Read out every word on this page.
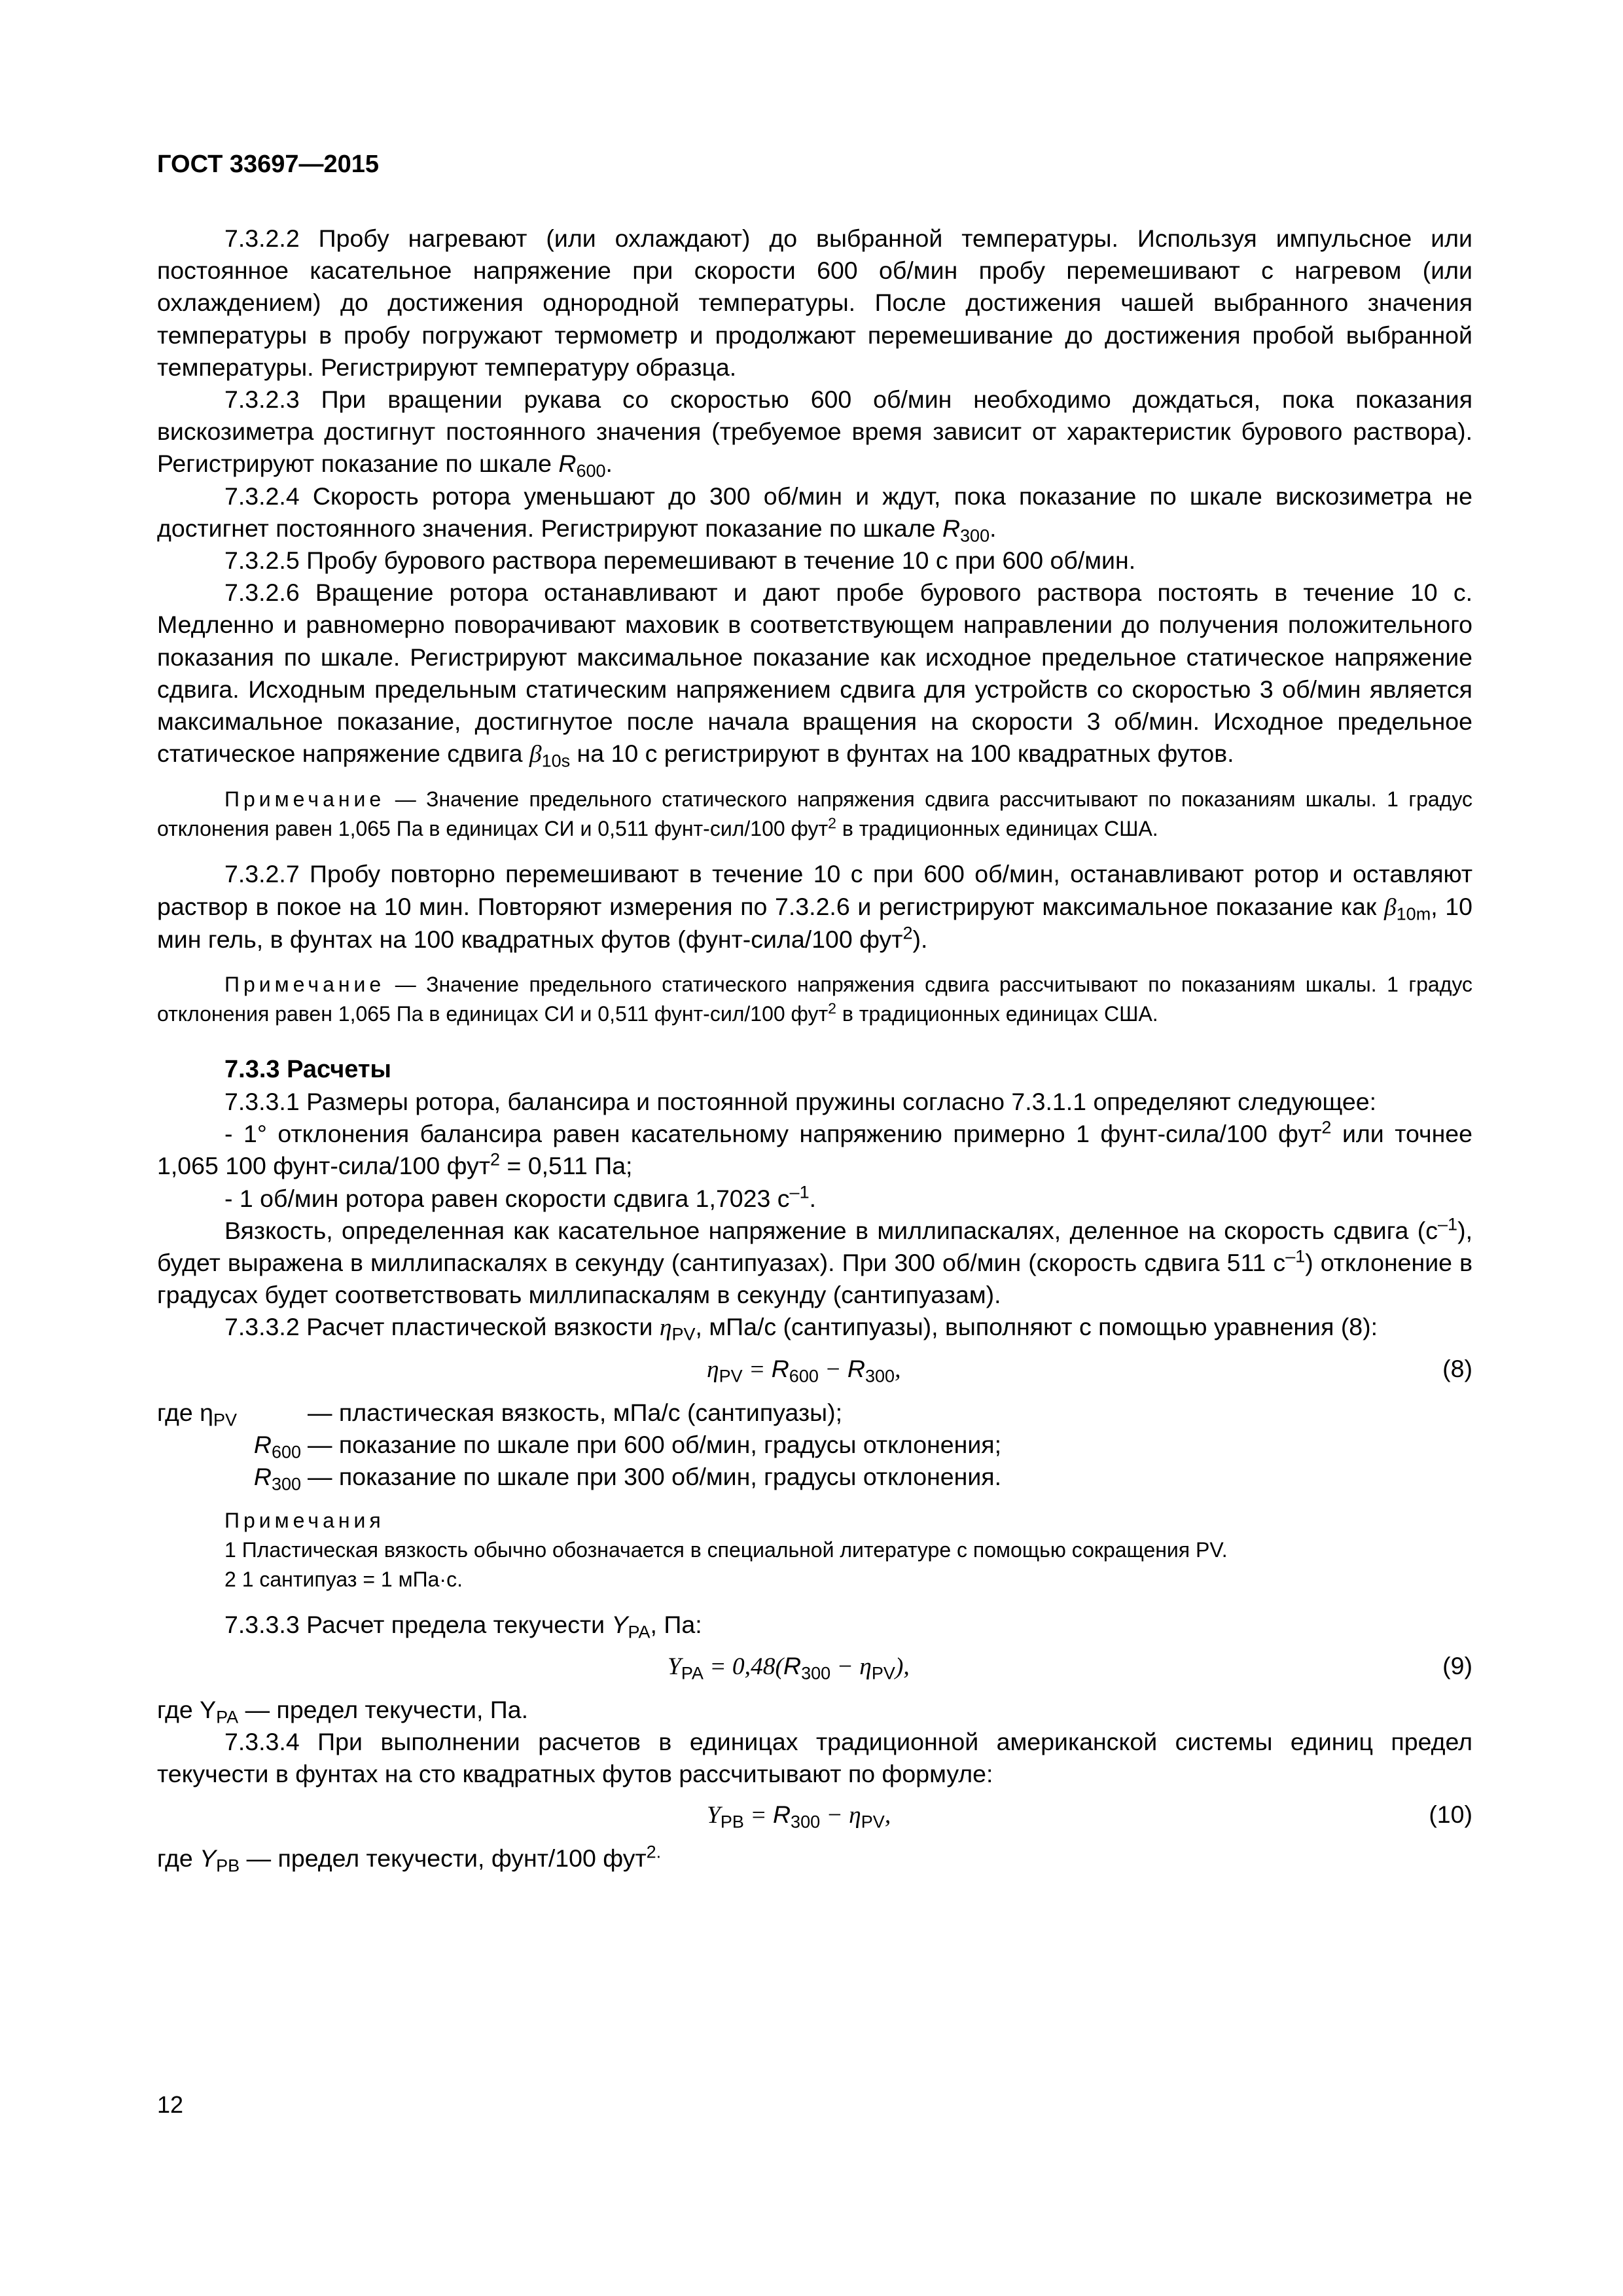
ГОСТ 33697—2015

7.3.2.2 Пробу нагревают (или охлаждают) до выбранной температуры. Используя импульсное или постоянное касательное напряжение при скорости 600 об/мин пробу перемешивают с нагревом (или охлаждением) до достижения однородной температуры. После достижения чашей выбранного значения температуры в пробу погружают термометр и продолжают перемешивание до достижения пробой выбранной температуры. Регистрируют температуру образца.

7.3.2.3 При вращении рукава со скоростью 600 об/мин необходимо дождаться, пока показания вискозиметра достигнут постоянного значения (требуемое время зависит от характеристик бурового раствора). Регистрируют показание по шкале $R_{600}$.

7.3.2.4 Скорость ротора уменьшают до 300 об/мин и ждут, пока показание по шкале вискозиметра не достигнет постоянного значения. Регистрируют показание по шкале $R_{300}$.

7.3.2.5 Пробу бурового раствора перемешивают в течение 10 с при 600 об/мин.

7.3.2.6 Вращение ротора останавливают и дают пробе бурового раствора постоять в течение 10 с. Медленно и равномерно поворачивают маховик в соответствующем направлении до получения положительного показания по шкале. Регистрируют максимальное показание как исходное предельное статическое напряжение сдвига. Исходным предельным статическим напряжением сдвига для устройств со скоростью 3 об/мин является максимальное показание, достигнутое после начала вращения на скорости 3 об/мин. Исходное предельное статическое напряжение сдвига $\beta_{10s}$ на 10 с регистрируют в фунтах на 100 квадратных футов.

Примечание — Значение предельного статического напряжения сдвига рассчитывают по показаниям шкалы. 1 градус отклонения равен 1,065 Па в единицах СИ и 0,511 фунт-сил/100 фут$^2$ в традиционных единицах США.

7.3.2.7 Пробу повторно перемешивают в течение 10 с при 600 об/мин, останавливают ротор и оставляют раствор в покое на 10 мин. Повторяют измерения по 7.3.2.6 и регистрируют максимальное показание как $\beta_{10m}$, 10 мин гель, в фунтах на 100 квадратных футов (фунт-сила/100 фут$^2$).

Примечание — Значение предельного статического напряжения сдвига рассчитывают по показаниям шкалы. 1 градус отклонения равен 1,065 Па в единицах СИ и 0,511 фунт-сил/100 фут$^2$ в традиционных единицах США.

7.3.3 Расчеты

7.3.3.1 Размеры ротора, балансира и постоянной пружины согласно 7.3.1.1 определяют следующее:

- 1° отклонения балансира равен касательному напряжению примерно 1 фунт-сила/100 фут$^2$ или точнее 1,065 100 фунт-сила/100 фут$^2$ = 0,511 Па;

- 1 об/мин ротора равен скорости сдвига 1,7023 $с^{-1}$.

Вязкость, определенная как касательное напряжение в миллипаскалях, деленное на скорость сдвига $(с^{-1})$, будет выражена в миллипаскалях в секунду (сантипуазах). При 300 об/мин (скорость сдвига 511 $с^{-1}$) отклонение в градусах будет соответствовать миллипаскалям в секунду (сантипуазам).

7.3.3.2 Расчет пластической вязкости $\eta_{PV}$, мПа/с (сантипуазы), выполняют с помощью уравнения (8):

$\eta_{PV} = R_{600} - R_{300}$,	(8)
где $\eta_{PV}$	— пластическая вязкость, мПа/с (сантипуазы);
$R_{600}$ — показание по шкале при 600 об/мин, градусы отклонения;
$R_{300}$ — показание по шкале при 300 об/мин, градусы отклонения.
Примечания
1 Пластическая вязкость обычно обозначается в специальной литературе с помощью сокращения PV.
2 1 сантипуаз = 1 мПа·с.

7.3.3.3 Расчет предела текучести $Y_{PA}$, Па:

$Y_{PA} = 0,48(R_{300} - \eta_{PV})$,	(9)

где $Y_{PA}$ — предел текучести, Па.

7.3.3.4 При выполнении расчетов в единицах традиционной американской системы единиц предел текучести в фунтах на сто квадратных футов рассчитывают по формуле:

$Y_{PB} = R_{300} - \eta_{PV}$,	(10)

где $Y_{PB}$ — предел текучести, фунт/100 фут$^{2.}$

12
